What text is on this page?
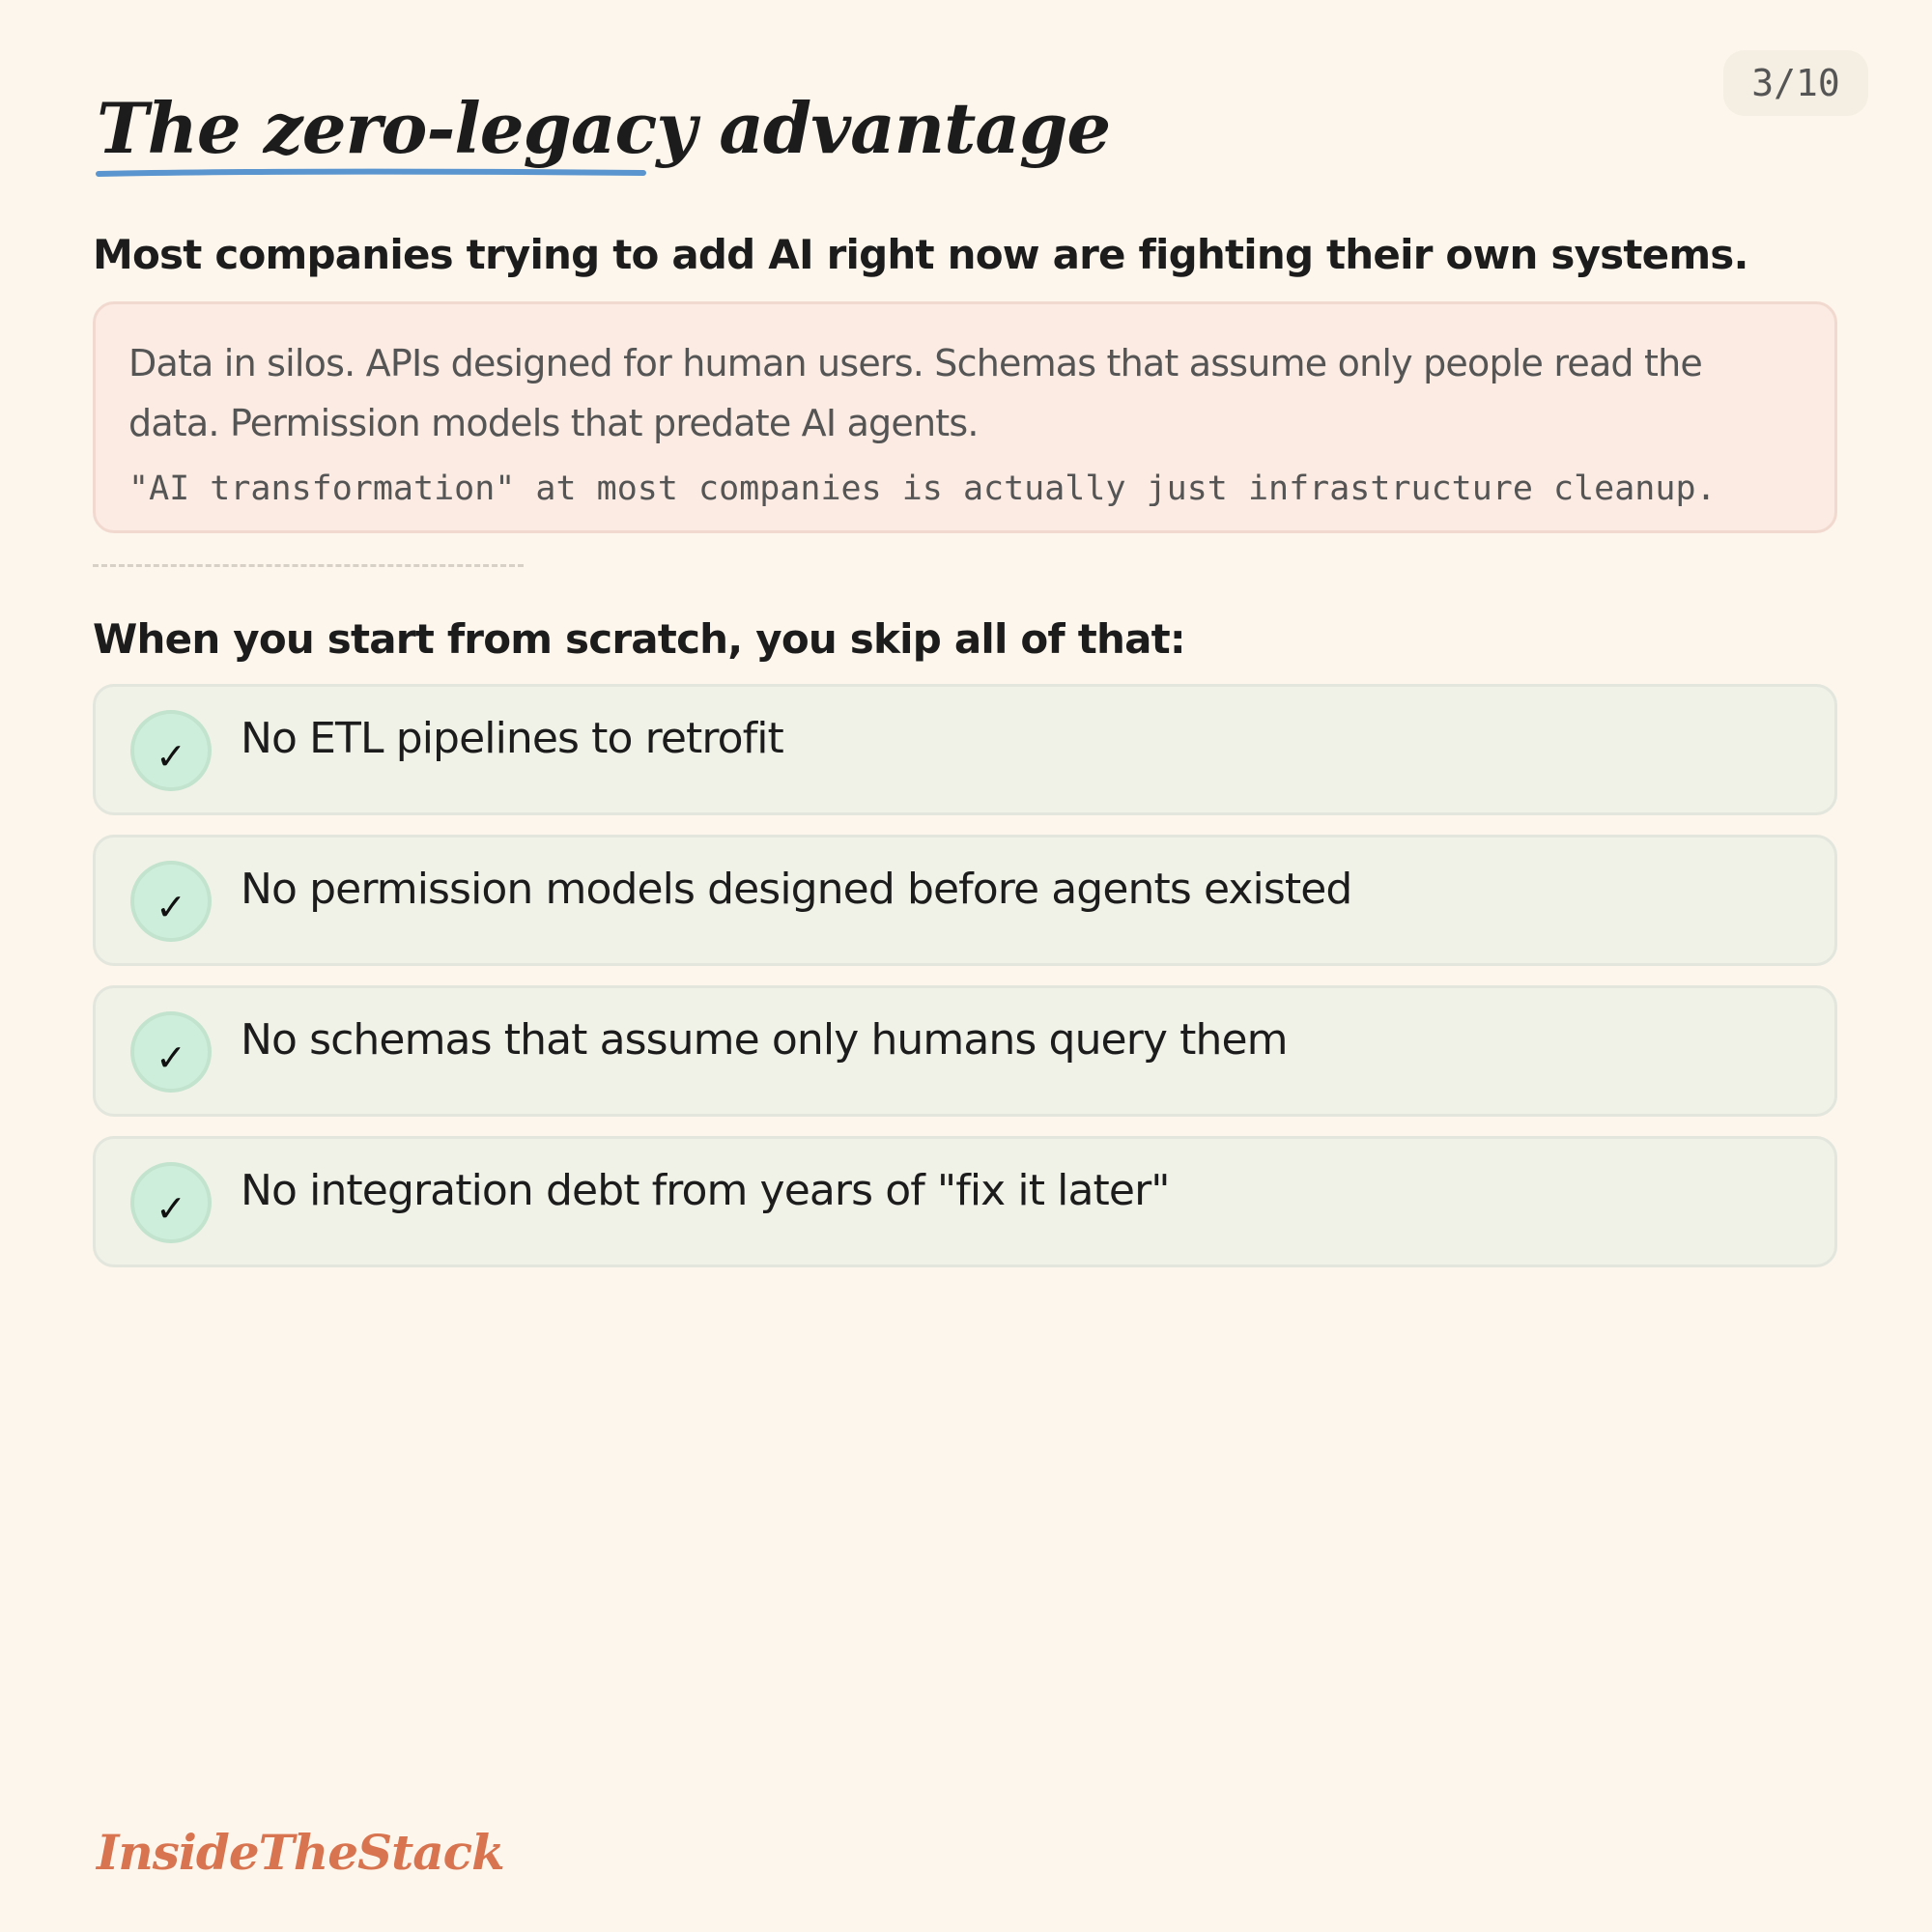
3/10
The zero-legacy advantage

Most companies trying to add AI right now are fighting their own systems.

Data in silos. APIs designed for human users. Schemas that assume only people read the data. Permission models that predate AI agents.

"AI transformation" at most companies is actually just infrastructure cleanup.

When you start from scratch, you skip all of that:

✓	No ETL pipelines to retrofit
✓	No permission models designed before agents existed
✓	No schemas that assume only humans query them
✓	No integration debt from years of "fix it later"

InsideTheStack
